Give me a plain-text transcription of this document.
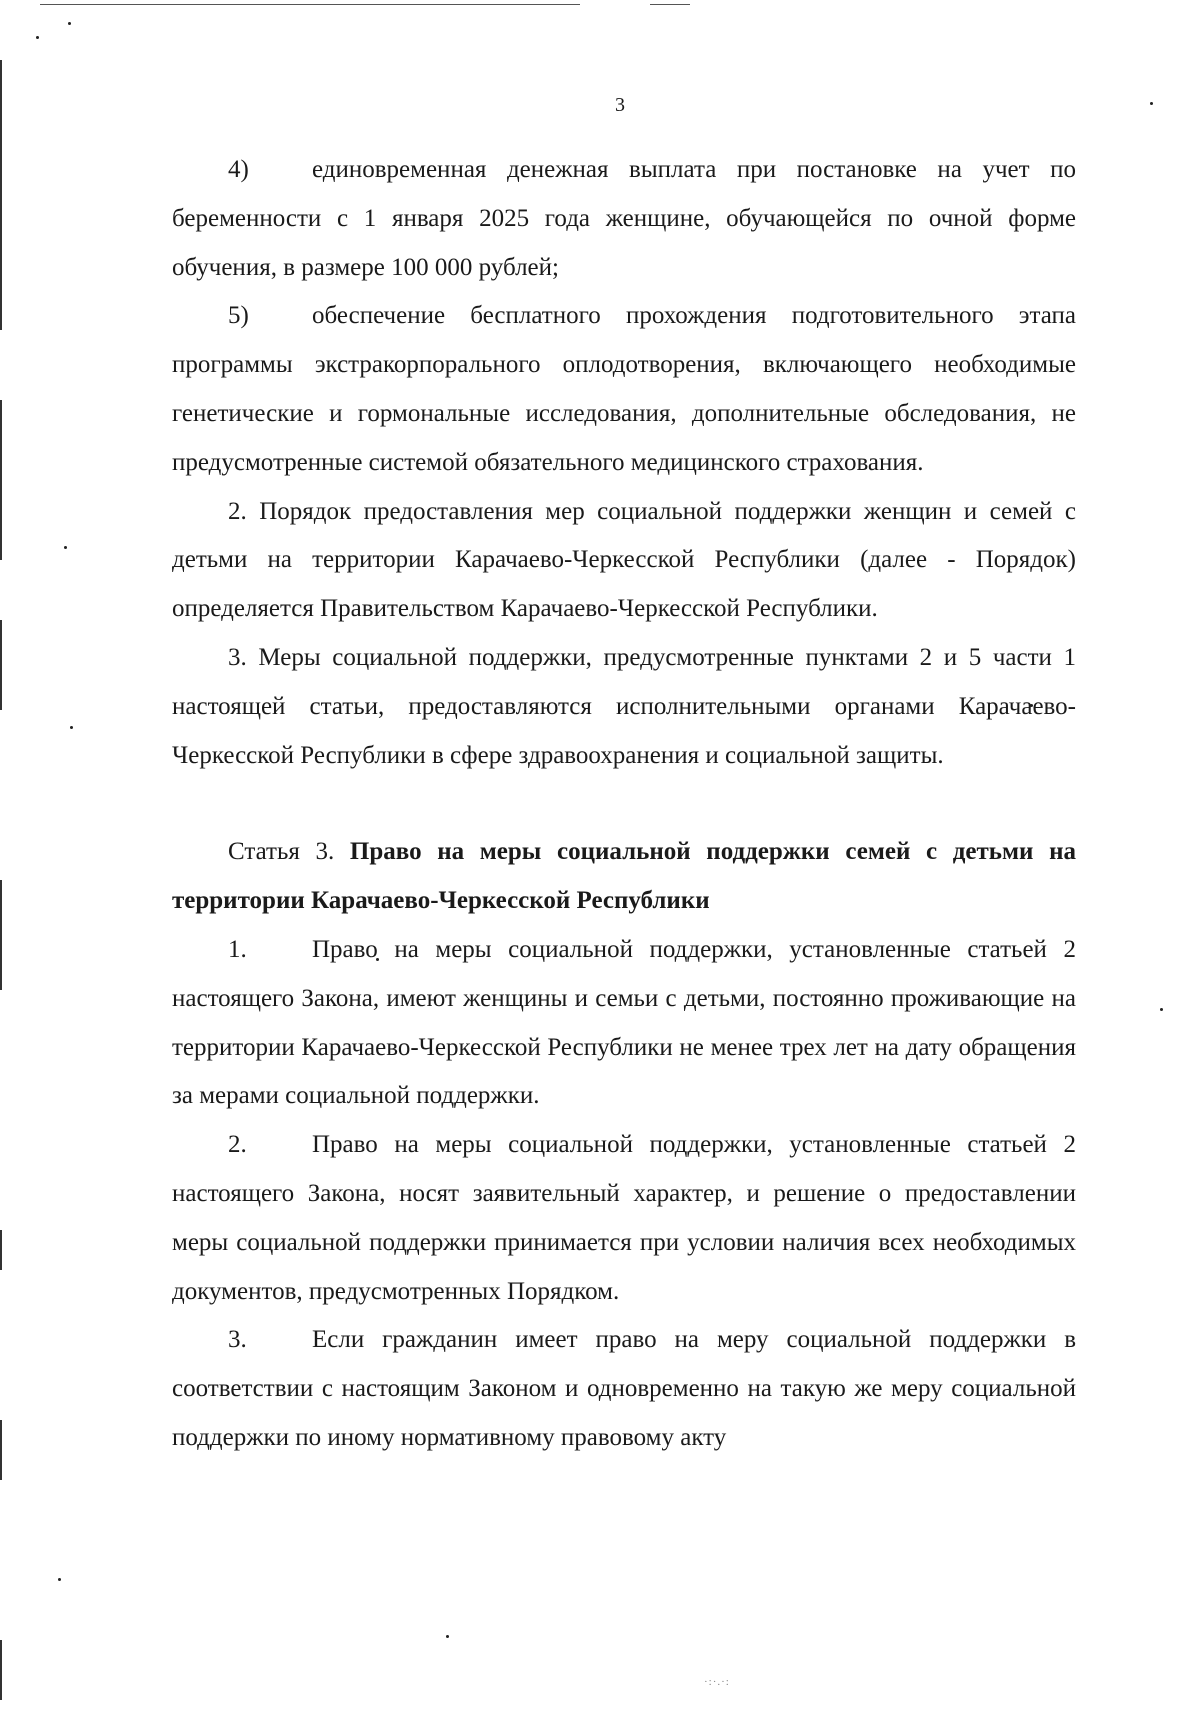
3

4)	единовременная денежная выплата при постановке на учет по беременности с 1 января 2025 года женщине, обучающейся по очной форме обучения, в размере 100 000 рублей;

5)	обеспечение бесплатного прохождения подготовительного этапа программы экстракорпорального оплодотворения, включающего необходимые генетические и гормональные исследования, дополнительные обследования, не предусмотренные системой обязательного медицинского страхования.

2. Порядок предоставления мер социальной поддержки женщин и семей с детьми на территории Карачаево-Черкесской Республики (далее - Порядок) определяется Правительством Карачаево-Черкесской Республики.

3. Меры социальной поддержки, предусмотренные пунктами 2 и 5 части 1 настоящей статьи, предоставляются исполнительными органами Карачаево-Черкесской Республики в сфере здравоохранения и социальной защиты.

Статья 3. Право на меры социальной поддержки семей с детьми на территории Карачаево-Черкесской Республики

1.	Право на меры социальной поддержки, установленные статьей 2 настоящего Закона, имеют женщины и семьи с детьми, постоянно проживающие на территории Карачаево-Черкесской Республики не менее трех лет на дату обращения за мерами социальной поддержки.

2.	Право на меры социальной поддержки, установленные статьей 2 настоящего Закона, носят заявительный характер, и решение о предоставлении меры социальной поддержки принимается при условии наличия всех необходимых документов, предусмотренных Порядком.

3.	Если гражданин имеет право на меру социальной поддержки в соответствии с настоящим Законом и одновременно на такую же меру социальной поддержки по иному нормативному правовому акту

·:·.·:
